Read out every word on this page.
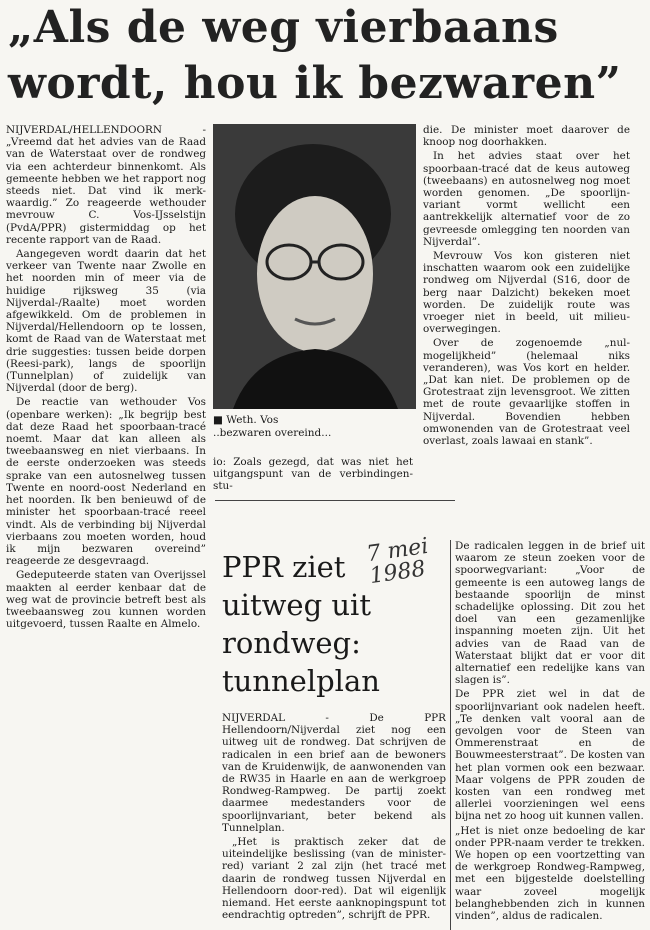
„Als de weg vierbaans
wordt, hou ik bezwaren”

NIJVERDAL/HELLENDOORN - „Vreemd dat het advies van de Raad van de Waterstaat over de rondweg via een achterdeur binnenkomt. Als gemeente hebben we het rapport nog steeds niet. Dat vind ik merk-waardig.” Zo reageerde wethouder mevrouw C. Vos-IJsselstijn (PvdA/PPR) gistermiddag op het recente rapport van de Raad.

Aangegeven wordt daarin dat het verkeer van Twente naar Zwolle en het noorden min of meer via de huidige rijksweg 35 (via Nijverdal-/Raalte) moet worden afgewikkeld. Om de problemen in Nijverdal/Hellendoorn op te lossen, komt de Raad van de Waterstaat met drie suggesties: tussen beide dorpen (Reesi-park), langs de spoorlijn (Tunnelplan) of zuidelijk van Nijverdal (door de berg).

De reactie van wethouder Vos (openbare werken): „Ik begrijp best dat deze Raad het spoorbaan-tracé noemt. Maar dat kan alleen als tweebaansweg en niet vierbaans. In de eerste onderzoeken was steeds sprake van een autosnelweg tussen Twente en noord-oost Nederland en het noorden. Ik ben benieuwd of de minister het spoorbaan-tracé reeel vindt. Als de verbinding bij Nijverdal vierbaans zou moeten worden, houd ik mijn bezwaren overeind” reageerde ze desgevraagd.

Gedeputeerde staten van Overijssel maakten al eerder kenbaar dat de weg wat de provincie betreft best als tweebaansweg zou kunnen worden uitgevoerd, tussen Raalte en Almelo.

■ Weth. Vos
..bezwaren overeind...

io: Zoals gezegd, dat was niet het uitgangspunt van de verbindingen-stu-

die. De minister moet daarover de knoop nog doorhakken.

In het advies staat over het spoorbaan-tracé dat de keus autoweg (tweebaans) en autosnelweg nog moet worden genomen. „De spoorlijn-variant vormt wellicht een aantrekkelijk alternatief voor de zo gevreesde omlegging ten noorden van Nijverdal”.

Mevrouw Vos kon gisteren niet inschatten waarom ook een zuidelijke rondweg om Nijverdal (S16, door de berg naar Dalzicht) bekeken moet worden. De zuidelijk route was vroeger niet in beeld, uit milieu-overwegingen.

Over de zogenoemde „nul-mogelijkheid” (helemaal niks veranderen), was Vos kort en helder. „Dat kan niet. De problemen op de Grotestraat zijn levensgroot. We zitten met de route gevaarlijke stoffen in Nijverdal. Bovendien hebben omwonenden van de Grotestraat veel overlast, zoals lawaai en stank”.

PPR ziet uitweg uit rondweg: tunnelplan
7 mei 1988

NIJVERDAL - De PPR Hellendoorn/Nijverdal ziet nog een uitweg uit de rondweg. Dat schrijven de radicalen in een brief aan de bewoners van de Kruidenwijk, de aanwonenden van de RW35 in Haarle en aan de werkgroep Rondweg-Rampweg. De partij zoekt daarmee medestanders voor de spoorlijnvariant, beter bekend als Tunnelplan.

„Het is praktisch zeker dat de uiteindelijke beslissing (van de minister-red) variant 2 zal zijn (het tracé met daarin de rondweg tussen Nijverdal en Hellendoorn door-red). Dat wil eigenlijk niemand. Het eerste aanknopingspunt tot eendrachtig optreden”, schrijft de PPR.

De radicalen leggen in de brief uit waarom ze steun zoeken voor de spoorwegvariant: „Voor de gemeente is een autoweg langs de bestaande spoorlijn de minst schadelijke oplossing. Dit zou het doel van een gezamenlijke inspanning moeten zijn. Uit het advies van de Raad van de Waterstaat blijkt dat er voor dit alternatief een redelijke kans van slagen is”.

De PPR ziet wel in dat de spoorlijnvariant ook nadelen heeft. „Te denken valt vooral aan de gevolgen voor de Steen van Ommerenstraat en de Bouwmeesterstraat”. De kosten van het plan vormen ook een bezwaar. Maar volgens de PPR zouden de kosten van een rondweg met allerlei voorzieningen wel eens bijna net zo hoog uit kunnen vallen.

„Het is niet onze bedoeling de kar onder PPR-naam verder te trekken. We hopen op een voortzetting van de werkgroep Rondweg-Rampweg, met een bijgestelde doelstelling waar zoveel mogelijk belanghebbenden zich in kunnen vinden”, aldus de radicalen.
